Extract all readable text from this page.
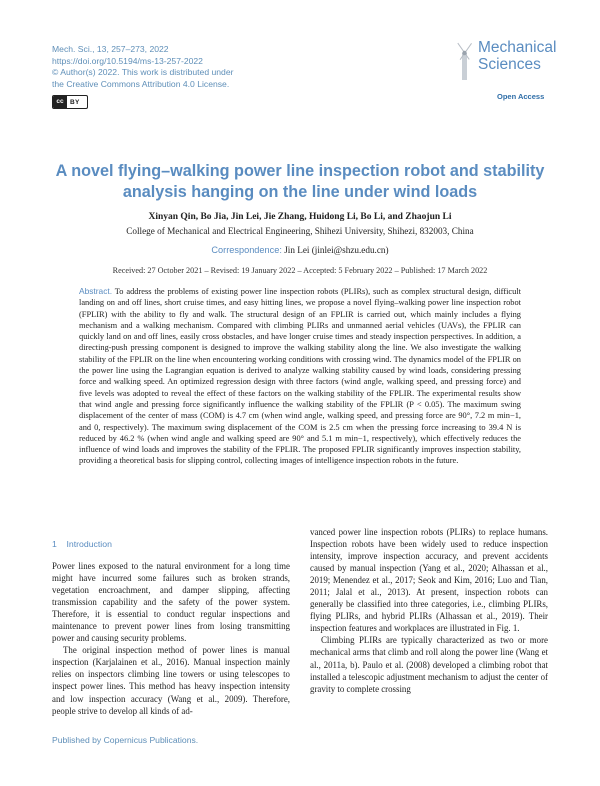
Mech. Sci., 13, 257–273, 2022
https://doi.org/10.5194/ms-13-257-2022
© Author(s) 2022. This work is distributed under
the Creative Commons Attribution 4.0 License.
cc BY
Mechanical
Sciences
Open Access
A novel flying–walking power line inspection robot and stability analysis hanging on the line under wind loads
Xinyan Qin, Bo Jia, Jin Lei, Jie Zhang, Huidong Li, Bo Li, and Zhaojun Li
College of Mechanical and Electrical Engineering, Shihezi University, Shihezi, 832003, China
Correspondence: Jin Lei (jinlei@shzu.edu.cn)
Received: 27 October 2021 – Revised: 19 January 2022 – Accepted: 5 February 2022 – Published: 17 March 2022
Abstract. To address the problems of existing power line inspection robots (PLIRs), such as complex structural design, difficult landing on and off lines, short cruise times, and easy hitting lines, we propose a novel flying–walking power line inspection robot (FPLIR) with the ability to fly and walk. The structural design of an FPLIR is carried out, which mainly includes a flying mechanism and a walking mechanism. Compared with climbing PLIRs and unmanned aerial vehicles (UAVs), the FPLIR can quickly land on and off lines, easily cross obstacles, and have longer cruise times and steady inspection perspectives. In addition, a directing-push pressing component is designed to improve the walking stability along the line. We also investigate the walking stability of the FPLIR on the line when encountering working conditions with crossing wind. The dynamics model of the FPLIR on the power line using the Lagrangian equation is derived to analyze walking stability caused by wind loads, considering pressing force and walking speed. An optimized regression design with three factors (wind angle, walking speed, and pressing force) and five levels was adopted to reveal the effect of these factors on the walking stability of the FPLIR. The experimental results show that wind angle and pressing force significantly influence the walking stability of the FPLIR (P < 0.05). The maximum swing displacement of the center of mass (COM) is 4.7 cm (when wind angle, walking speed, and pressing force are 90°, 7.2 m min−1, and 0, respectively). The maximum swing displacement of the COM is 2.5 cm when the pressing force increasing to 39.4 N is reduced by 46.2 % (when wind angle and walking speed are 90° and 5.1 m min−1, respectively), which effectively reduces the influence of wind loads and improves the stability of the FPLIR. The proposed FPLIR significantly improves inspection stability, providing a theoretical basis for slipping control, collecting images of intelligence inspection robots in the future.
1 Introduction

Power lines exposed to the natural environment for a long time might have incurred some failures such as broken strands, vegetation encroachment, and damper slipping, affecting transmission capability and the safety of the power system. Therefore, it is essential to conduct regular inspections and maintenance to prevent power lines from losing transmitting power and causing security problems.

The original inspection method of power lines is manual inspection (Karjalainen et al., 2016). Manual inspection mainly relies on inspectors climbing line towers or using telescopes to inspect power lines. This method has heavy inspection intensity and low inspection accuracy (Wang et al., 2009). Therefore, people strive to develop all kinds of ad-

vanced power line inspection robots (PLIRs) to replace humans. Inspection robots have been widely used to reduce inspection intensity, improve inspection accuracy, and prevent accidents caused by manual inspection (Yang et al., 2020; Alhassan et al., 2019; Menendez et al., 2017; Seok and Kim, 2016; Luo and Tian, 2011; Jalal et al., 2013). At present, inspection robots can generally be classified into three categories, i.e., climbing PLIRs, flying PLIRs, and hybrid PLIRs (Alhassan et al., 2019). Their inspection features and workplaces are illustrated in Fig. 1.

Climbing PLIRs are typically characterized as two or more mechanical arms that climb and roll along the power line (Wang et al., 2011a, b). Paulo et al. (2008) developed a climbing robot that installed a telescopic adjustment mechanism to adjust the center of gravity to complete crossing

Published by Copernicus Publications.
